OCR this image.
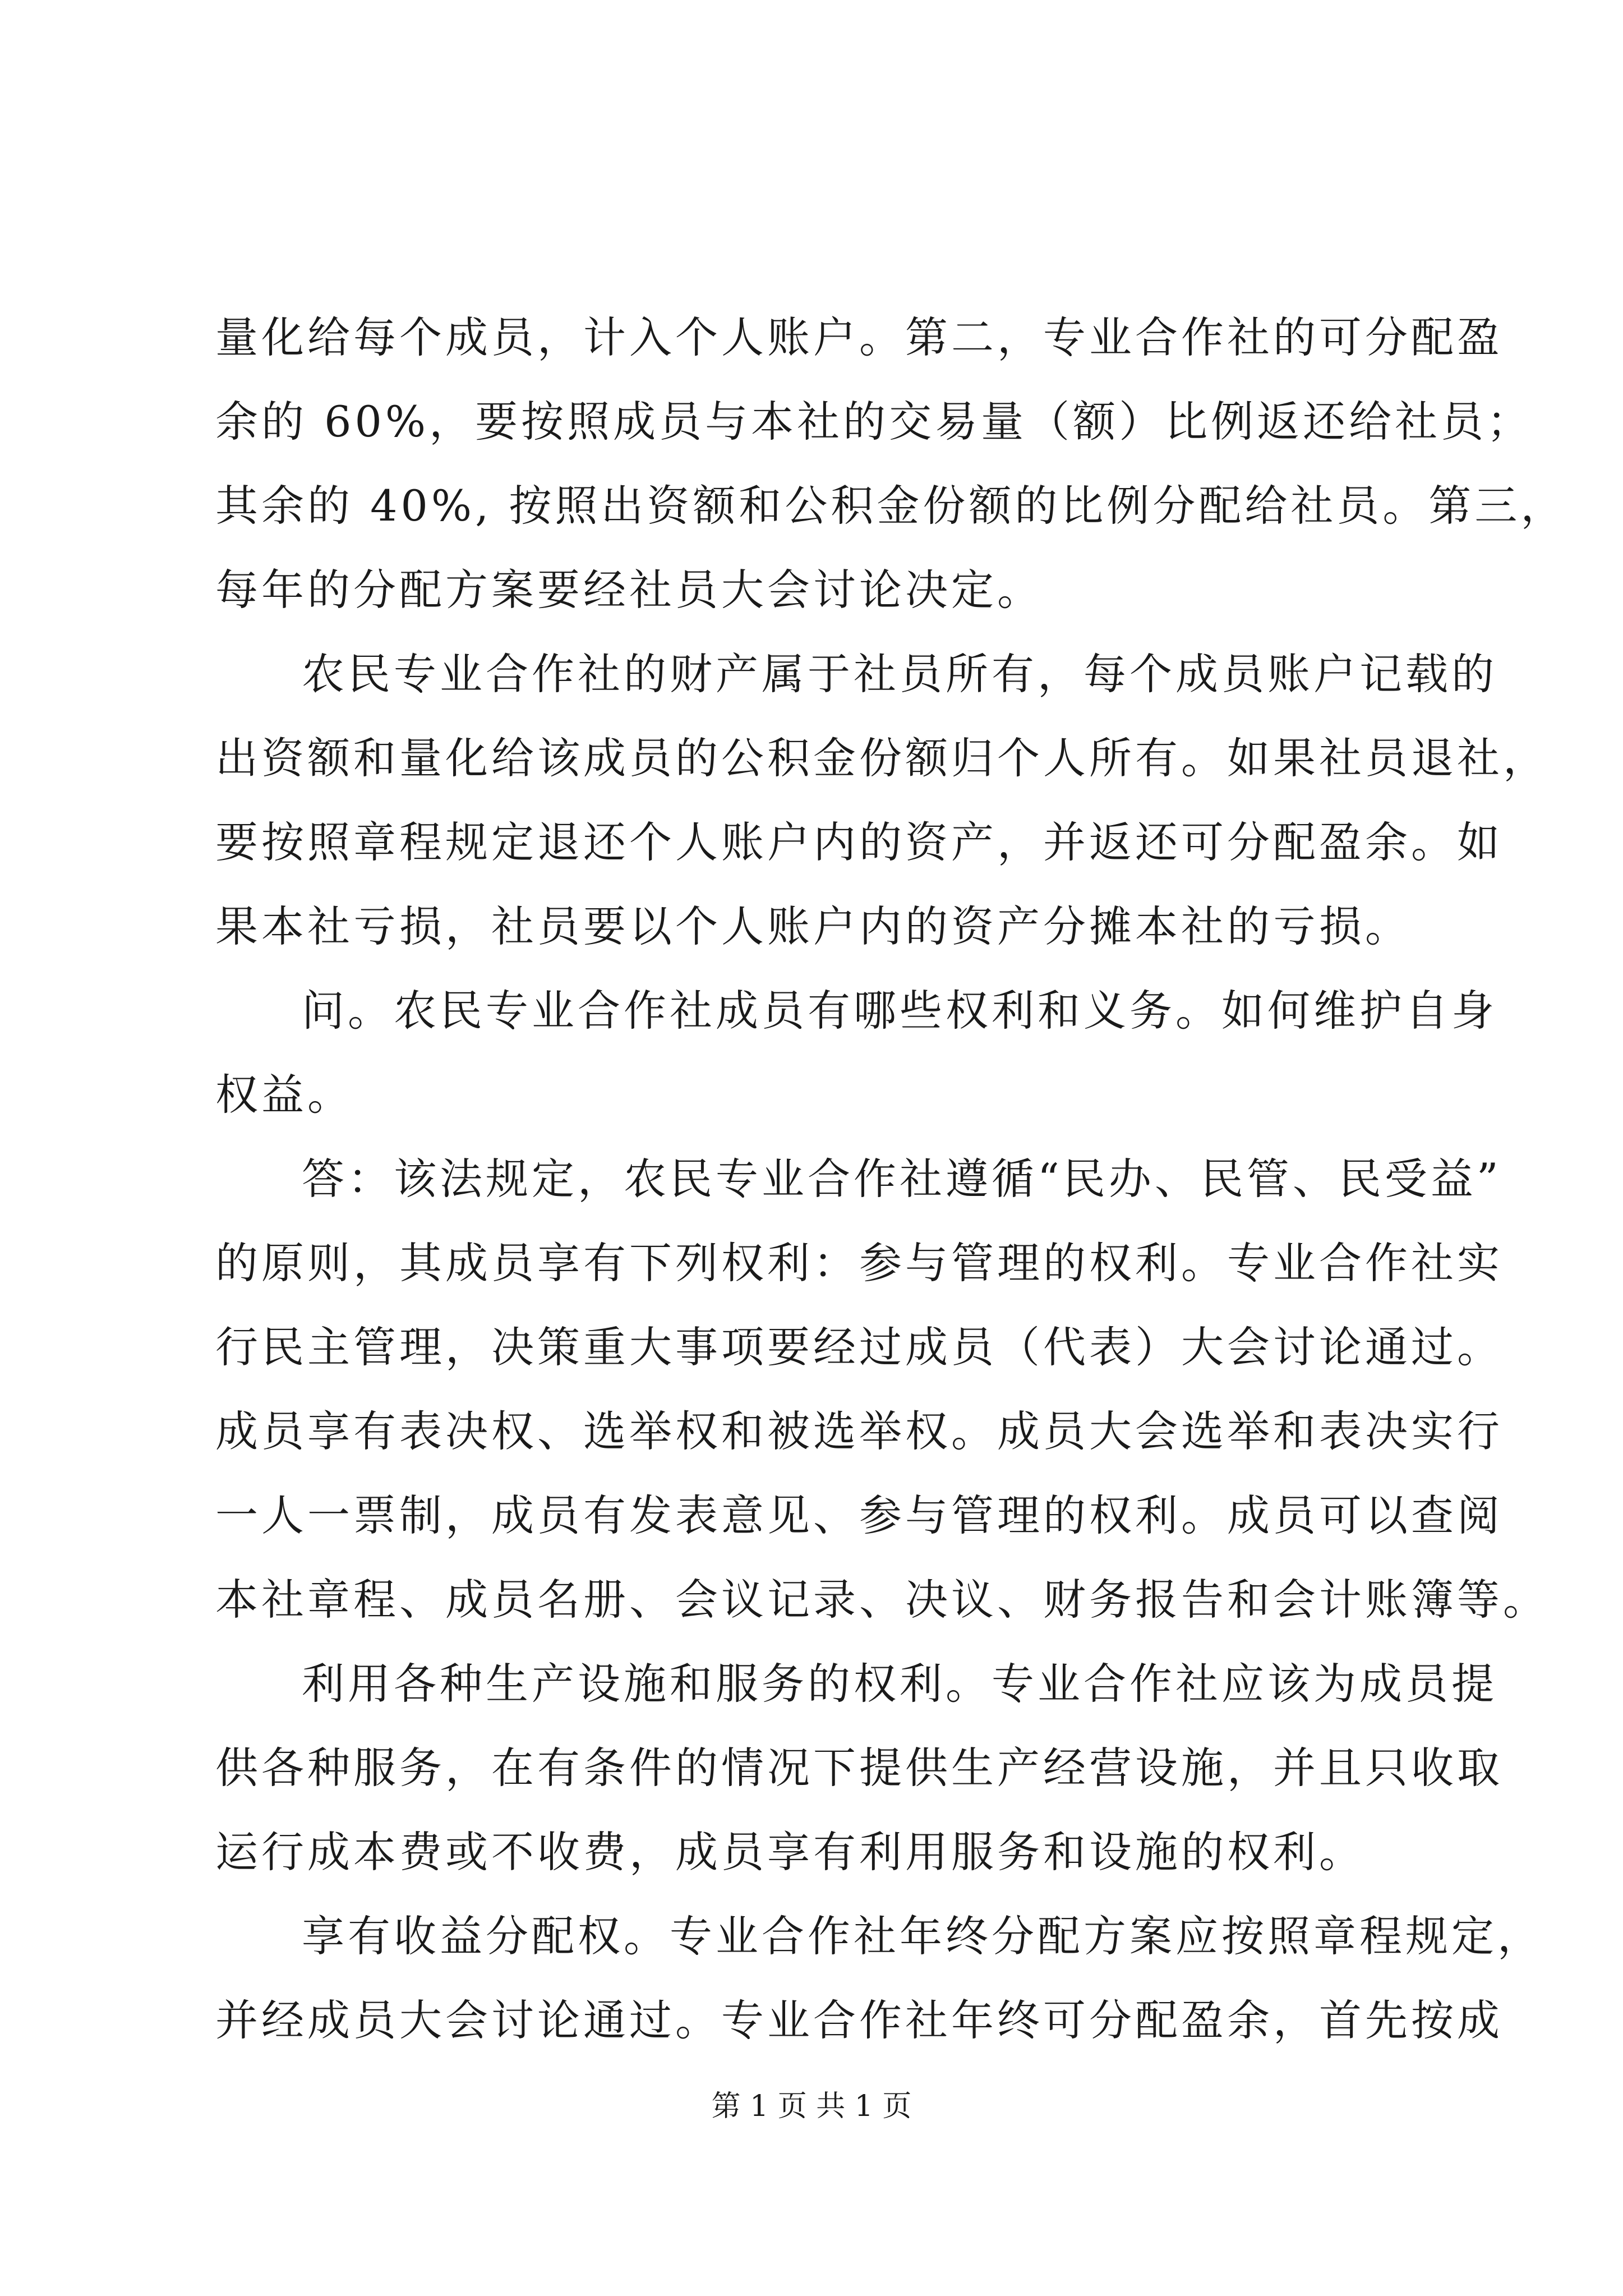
量化给每个成员，计入个人账户。第二，专业合作社的可分配盈
余的 60%，要按照成员与本社的交易量（额）比例返还给社员；
其余的 40%, 按照出资额和公积金份额的比例分配给社员。第三，
每年的分配方案要经社员大会讨论决定。
农民专业合作社的财产属于社员所有，每个成员账户记载的
出资额和量化给该成员的公积金份额归个人所有。如果社员退社，
要按照章程规定退还个人账户内的资产，并返还可分配盈余。如
果本社亏损，社员要以个人账户内的资产分摊本社的亏损。
问。农民专业合作社成员有哪些权利和义务。如何维护自身
权益。
答：该法规定，农民专业合作社遵循“民办、民管、民受益”
的原则，其成员享有下列权利：参与管理的权利。专业合作社实
行民主管理，决策重大事项要经过成员（代表）大会讨论通过。
成员享有表决权、选举权和被选举权。成员大会选举和表决实行
一人一票制，成员有发表意见、参与管理的权利。成员可以查阅
本社章程、成员名册、会议记录、决议、财务报告和会计账簿等。
利用各种生产设施和服务的权利。专业合作社应该为成员提
供各种服务，在有条件的情况下提供生产经营设施，并且只收取
运行成本费或不收费，成员享有利用服务和设施的权利。
享有收益分配权。专业合作社年终分配方案应按照章程规定，
并经成员大会讨论通过。专业合作社年终可分配盈余，首先按成
第 1 页 共 1 页
